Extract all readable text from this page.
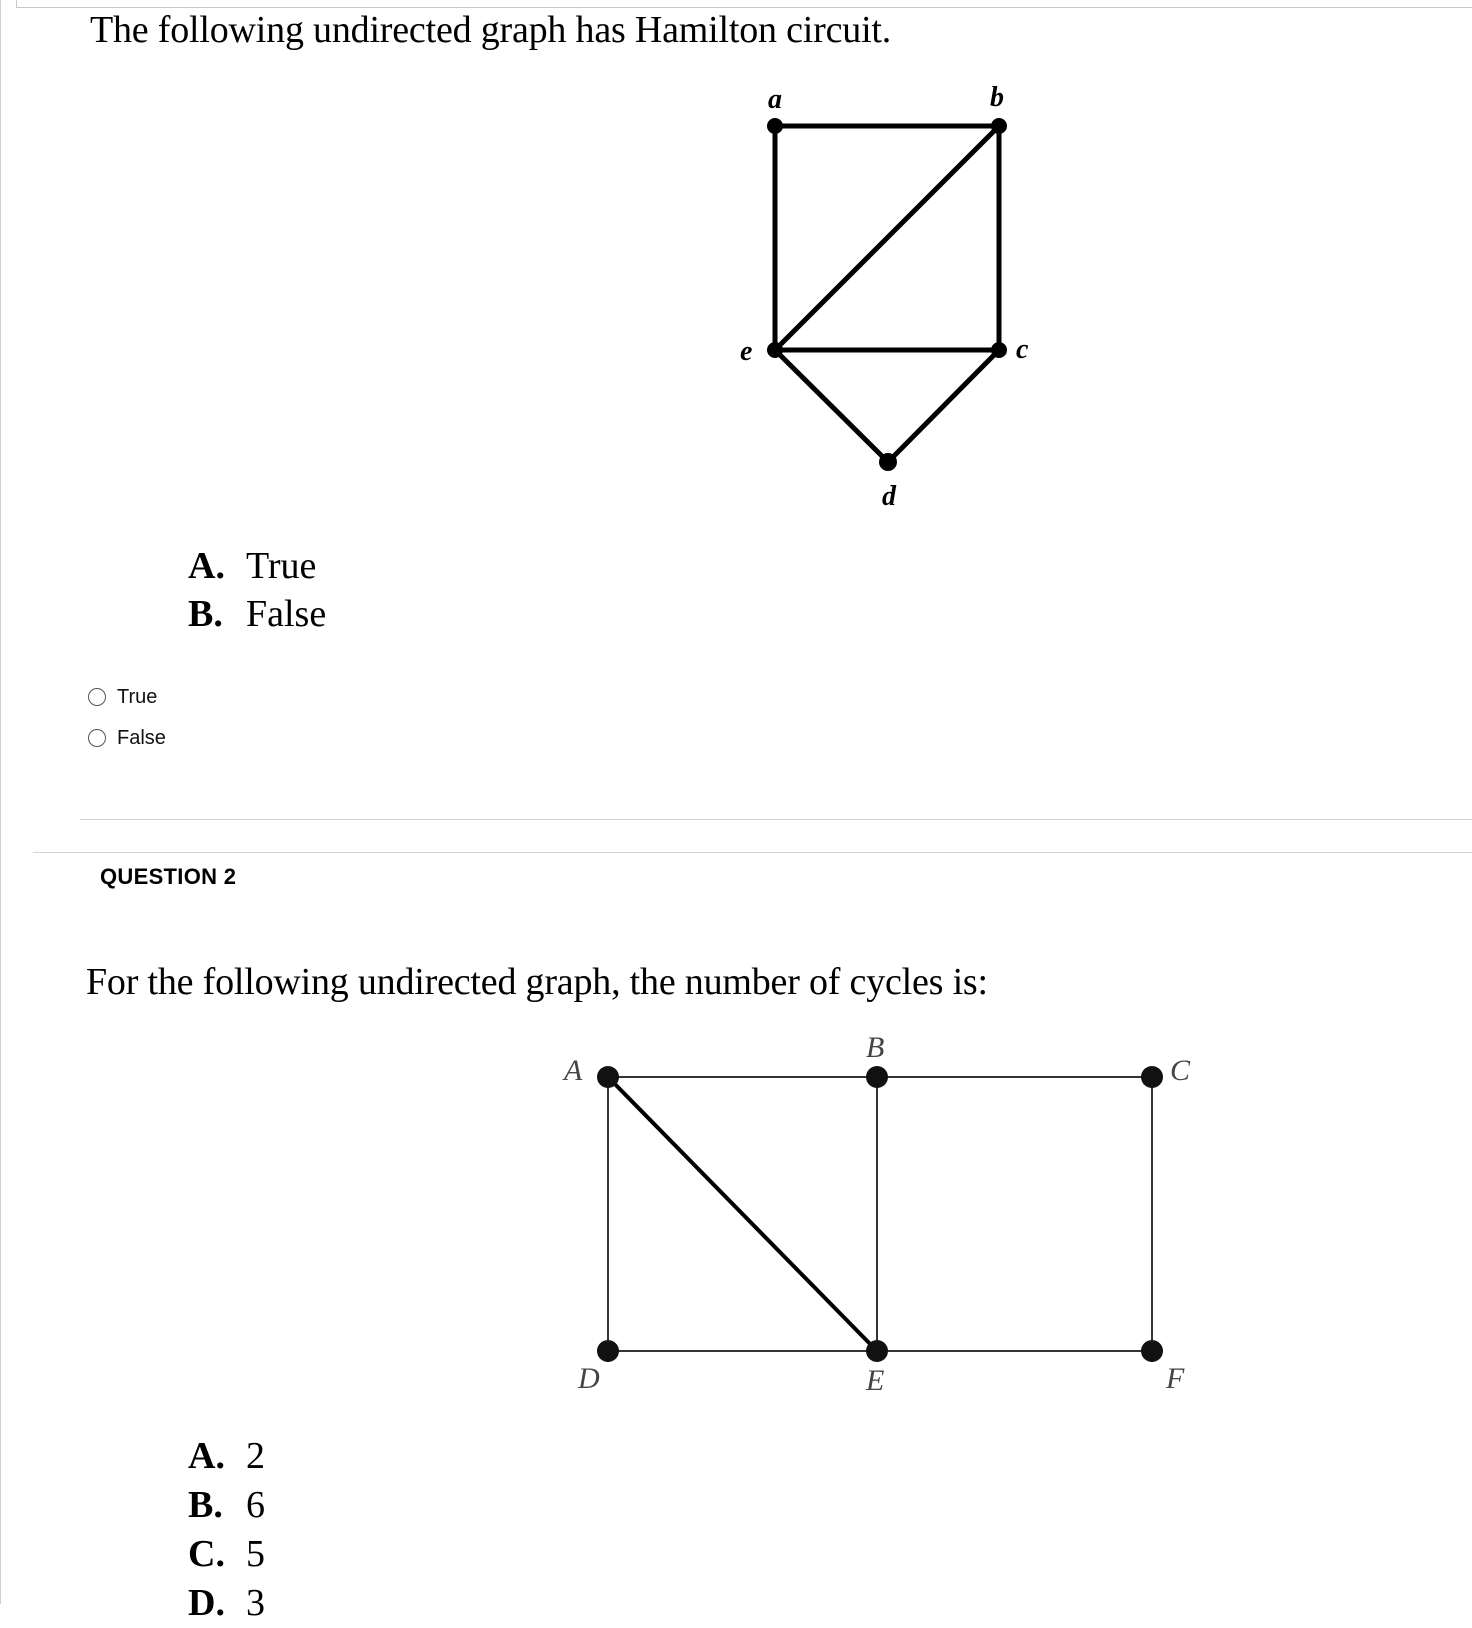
The following undirected graph has Hamilton circuit.
a	b
c
e
d
A. True
B. False
True
False
QUESTION 2
For the following undirected graph, the number of cycles is:
A
B
C
D	E	F
A. 2
B. 6
C. 5
D. 3
